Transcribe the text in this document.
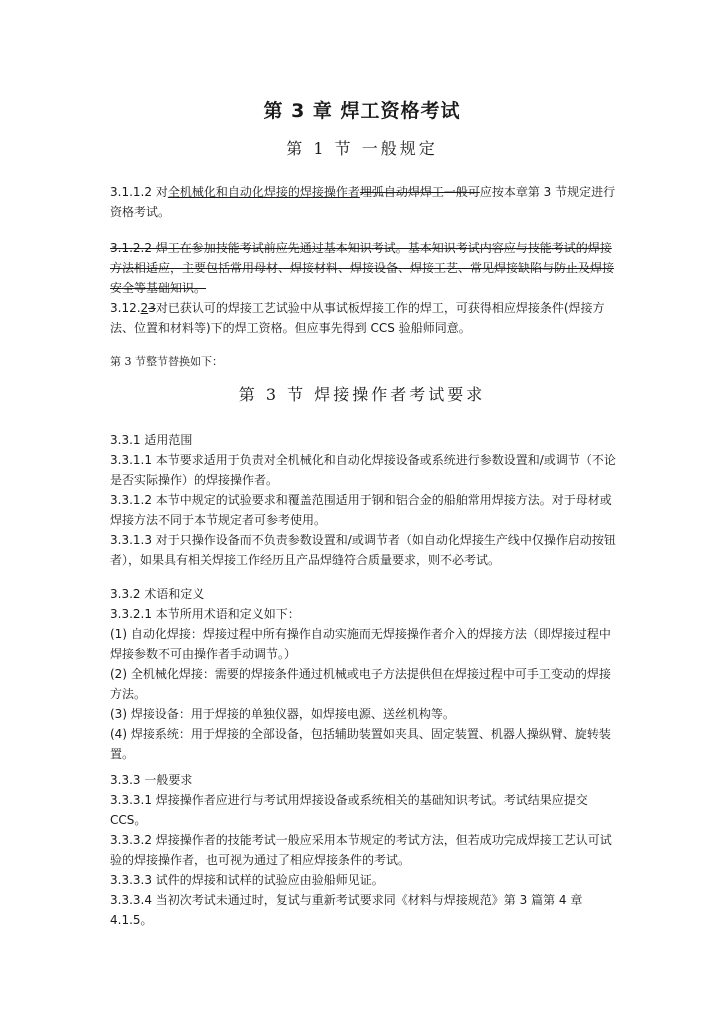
第 3 章 焊工资格考试
第 1 节 一般规定

3.1.1.2 对全机械化和自动化焊接的焊接操作者埋弧自动焊焊工一般可应按本章第 3 节规定进行资格考试。

3.1.2.2 焊工在参加技能考试前应先通过基本知识考试。基本知识考试内容应与技能考试的焊接方法相适应，主要包括常用母材、焊接材料、焊接设备、焊接工艺、常见焊接缺陷与防止及焊接安全等基础知识。

3.12.23对已获认可的焊接工艺试验中从事试板焊接工作的焊工，可获得相应焊接条件(焊接方法、位置和材料等)下的焊工资格。但应事先得到 CCS 验船师同意。

第 3 节整节替换如下：

第 3 节 焊接操作者考试要求

3.3.1 适用范围

3.3.1.1 本节要求适用于负责对全机械化和自动化焊接设备或系统进行参数设置和/或调节（不论是否实际操作）的焊接操作者。

3.3.1.2 本节中规定的试验要求和覆盖范围适用于钢和铝合金的船舶常用焊接方法。对于母材或焊接方法不同于本节规定者可参考使用。

3.3.1.3 对于只操作设备而不负责参数设置和/或调节者（如自动化焊接生产线中仅操作启动按钮者），如果具有相关焊接工作经历且产品焊缝符合质量要求，则不必考试。

3.3.2 术语和定义

3.3.2.1 本节所用术语和定义如下：

(1) 自动化焊接：焊接过程中所有操作自动实施而无焊接操作者介入的焊接方法（即焊接过程中焊接参数不可由操作者手动调节。）

(2) 全机械化焊接：需要的焊接条件通过机械或电子方法提供但在焊接过程中可手工变动的焊接方法。

(3) 焊接设备：用于焊接的单独仪器，如焊接电源、送丝机构等。

(4) 焊接系统：用于焊接的全部设备，包括辅助装置如夹具、固定装置、机器人操纵臂、旋转装置。

3.3.3 一般要求

3.3.3.1 焊接操作者应进行与考试用焊接设备或系统相关的基础知识考试。考试结果应提交 CCS。

3.3.3.2 焊接操作者的技能考试一般应采用本节规定的考试方法，但若成功完成焊接工艺认可试验的焊接操作者，也可视为通过了相应焊接条件的考试。

3.3.3.3 试件的焊接和试样的试验应由验船师见证。

3.3.3.4 当初次考试未通过时，复试与重新考试要求同《材料与焊接规范》第 3 篇第 4 章 4.1.5。
